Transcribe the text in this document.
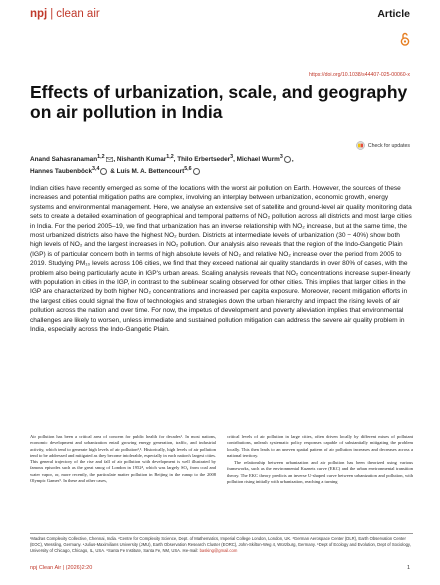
npj | clean air	Article
https://doi.org/10.1038/s44407-025-00060-x
Effects of urbanization, scale, and geography on air pollution in India
Check for updates
Anand Sahasranaman$^{1,2}$ , Nishanth Kumar$^{1,2}$, Thilo Erbertseder$^3$, Michael Wurm$^3$ ,
Hannes Taubenböck$^{3,4}$ & Luís M. A. Bettencourt$^{5,6}$

Indian cities have recently emerged as some of the locations with the worst air pollution on Earth. However, the sources of these increases and potential mitigation paths are complex, involving an interplay between urbanization, economic growth, energy systems and environmental management. Here, we analyse an extensive set of satellite and ground-level air quality monitoring data sets to create a detailed examination of geographical and temporal patterns of NO₂ pollution across all districts and most large cities in India. For the period 2005–19, we find that urbanization has an inverse relationship with NO₂ increase, but at the same time, the most urbanized districts also have the highest NO₂ burden. Districts at intermediate levels of urbanization (30 − 40%) show both high levels of NO₂ and the largest increases in NO₂ pollution. Our analysis also reveals that the region of the Indo-Gangetic Plain (IGP) is of particular concern both in terms of high absolute levels of NO₂ and relative NO₂ increase over the period from 2005 to 2019. Studying PM₁₀ levels across 106 cities, we find that they exceed national air quality standards in over 80% of cases, with the problem also being particularly acute in IGP's urban areas. Scaling analysis reveals that NO₂ concentrations increase super-linearly with population in cities in the IGP, in contrast to the sublinear scaling observed for other cities. This implies that larger cities in the IGP are characterized by both higher NO₂ concentrations and increased per capita exposure. Moreover, recent mitigation efforts in the largest cities could signal the flow of technologies and strategies down the urban hierarchy and impact the rising levels of air pollution across the nation and over time. For now, the impetus of development and poverty alleviation implies that environmental challenges are likely to worsen, unless immediate and sustained pollution mitigation can address the severe air quality problem in India, especially across the Indo-Gangetic Plain.

Air pollution has been a critical area of concern for public health for decades¹. In most nations, economic development and urbanization entail growing energy generation, traffic, and industrial activity, which tend to generate high levels of air pollution²,³. Historically, high levels of air pollution tend to be addressed and mitigated as they become intolerable, especially in each nation's largest cities. This general trajectory of the rise and fall of air pollution with development is well illustrated by famous episodes such as the great smog of London in 1952⁴, which was largely SO₂ from coal and water vapor, or, more recently, the particulate matter pollution in Beijing in the runup to the 2008 Olympic Games⁵. In these and other cases,

critical levels of air pollution in large cities, often driven locally by different mixes of pollutant contributions, unleash systematic policy responses capable of substantially mitigating the problem locally. This then leads to an uneven spatial pattern of air pollution increases and decreases across a national territory.

The relationship between urbanization and air pollution has been theorized using various frameworks, such as the environmental Kuznets curve (EKC) and the urban environmental transition theory. The EKC theory predicts an inverse U-shaped curve between urbanization and pollution, with pollution rising initially with urbanization, reaching a turning

¹Madras Complexity Collective, Chennai, India. ²Centre for Complexity Science, Dept. of Mathematics, Imperial College London, London, UK. ³German Aerospace Center (DLR), Earth Observation Center (EOC), Wessling, Germany. ⁴Julius-Maximilians University (JMU), Earth Observation Research Cluster (EORC), John-Skilton-Weg 4, Würzburg, Germany. ⁵Dept of Ecology and Evolution, Dept of Sociology, University of Chicago, Chicago, IL, USA. ⁶Santa Fe Institute, Santa Fe, NM, USA. ✉e-mail: basking@gmail.com
npj Clean Air | (2026)2:20	1
